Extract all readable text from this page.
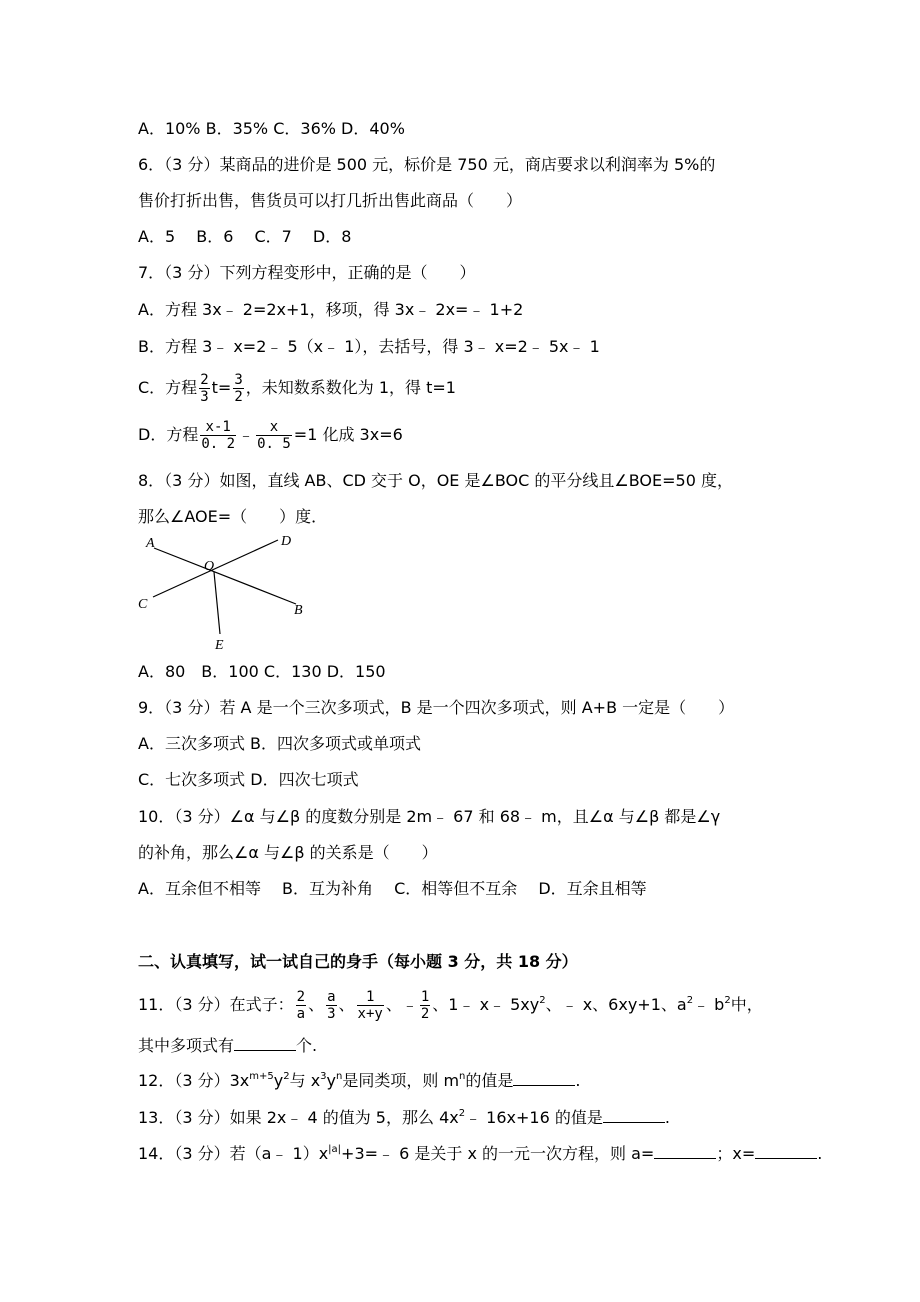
A．10% B．35% C．36% D．40%
6．（3 分）某商品的进价是 500 元，标价是 750 元，商店要求以利润率为 5%的
售价打折出售，售货员可以打几折出售此商品（　　）
A．5　 B．6　 C．7　 D．8
7．（3 分）下列方程变形中，正确的是（　　）
A．方程 3x﹣ 2=2x+1，移项，得 3x﹣ 2x=﹣ 1+2
B．方程 3﹣ x=2﹣ 5（x﹣ 1），去括号，得 3﹣ x=2﹣ 5x﹣ 1
C．方程 $\frac{2}{3} t= \frac{3}{2}$ ，未知数系数化为 1，得 t=1
D．方程 $\frac{x-1}{0. 2}$ ﹣ $\frac{x}{0. 5} =1$ 化成 3x=6
8．（3 分）如图，直线 AB、CD 交于 O，OE 是∠BOC 的平分线且∠BOE=50 度，
那么∠AOE=（　　）度．
A	D
O
C	B
E
A．80　B．100 C．130 D．150
9．（3 分）若 A 是一个三次多项式，B 是一个四次多项式，则 A+B 一定是（　　）
A．三次多项式 B．四次多项式或单项式
C．七次多项式 D．四次七项式
10．（3 分）∠α 与∠β 的度数分别是 2m﹣ 67 和 68﹣ m，且∠α 与∠β 都是∠γ
的补角，那么∠α 与∠β 的关系是（　　）
A．互余但不相等　 B．互为补角　 C．相等但不互余　 D．互余且相等
二、认真填写，试一试自己的身手（每小题 3 分，共 18 分）
11．（3 分）在式子： $\frac{2}{a}$ 、 $\frac{a}{3}$ 、 $\frac{1}{x+y}$ 、﹣ $\frac{1}{2}$ 、1﹣ x﹣ $5xy^2$、﹣ x、6xy+1、$a^2﹣$ $b^2$中，
其中多项式有	个.
12．（3 分）$3x^{m+5}y^2$与 $x^3y^n$是同类项，则 $m^n$的值是	.
13．（3 分）如果 2x﹣ 4 的值为 5，那么 $4x^2﹣$ 16x+16 的值是	.
14．（3 分）若（a﹣ $1)x^{|a|}+3=﹣$ 6 是关于 x 的一元一次方程，则 a=	；x=	.
